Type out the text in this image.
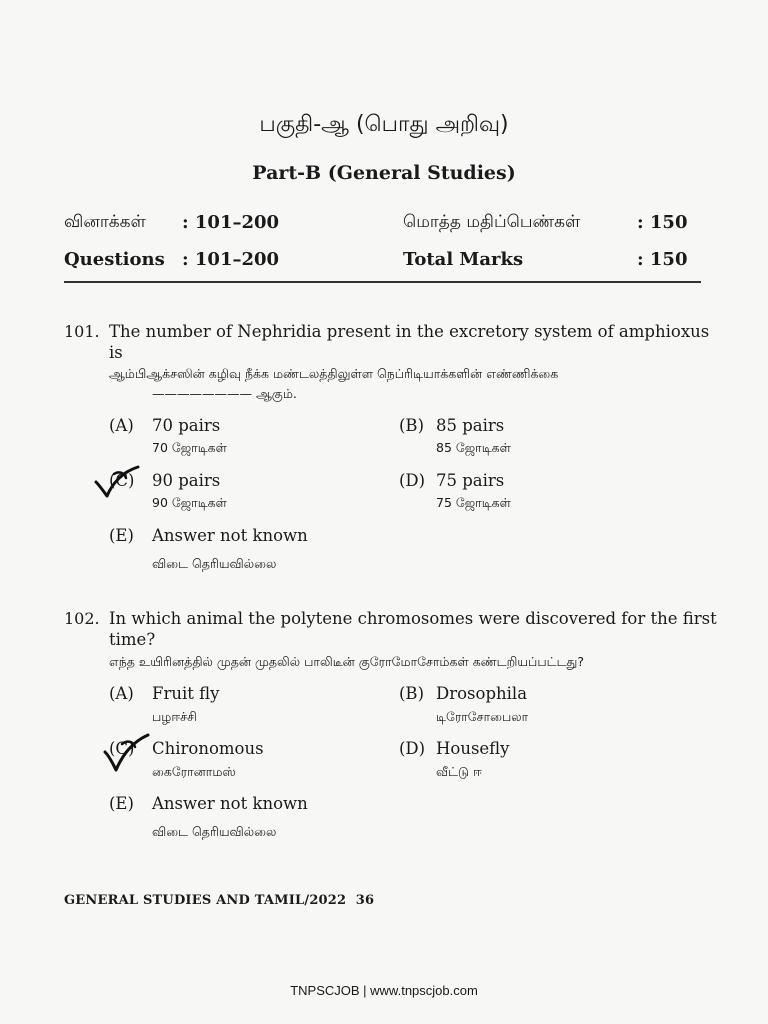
பகுதி-ஆ (பொது அறிவு)
Part-B (General Studies)
வினாக்கள் : 101–200	மொத்த மதிப்பெண்கள்	: 150
Questions : 101–200	Total Marks	: 150
101. The number of Nephridia present in the excretory system of amphioxus
is
ஆம்பிஆக்சஸின் கழிவு நீக்க மண்டலத்திலுள்ள நெப்ரிடியாக்களின் எண்ணிக்கை
———————— ஆகும்.
(A) 70 pairs
70 ஜோடிகள்
(B) 85 pairs
85 ஜோடிகள்
(C) 90 pairs
90 ஜோடிகள்
(D) 75 pairs
75 ஜோடிகள்
(E) Answer not known
விடை தெரியவில்லை
102. In which animal the polytene chromosomes were discovered for the first
time?
எந்த உயிரினத்தில் முதன் முதலில் பாலிடீன் குரோமோசோம்கள் கண்டறியப்பட்டது?
(A) Fruit fly
பழஈச்சி
(B) Drosophila
டிரோசோபைலா
(C) Chironomous
கைரோனாமஸ்
(D) Housefly
வீட்டு ஈ
(E) Answer not known
விடை தெரியவில்லை
GENERAL STUDIES AND TAMIL/2022 36
TNPSCJOB | www.tnpscjob.com
